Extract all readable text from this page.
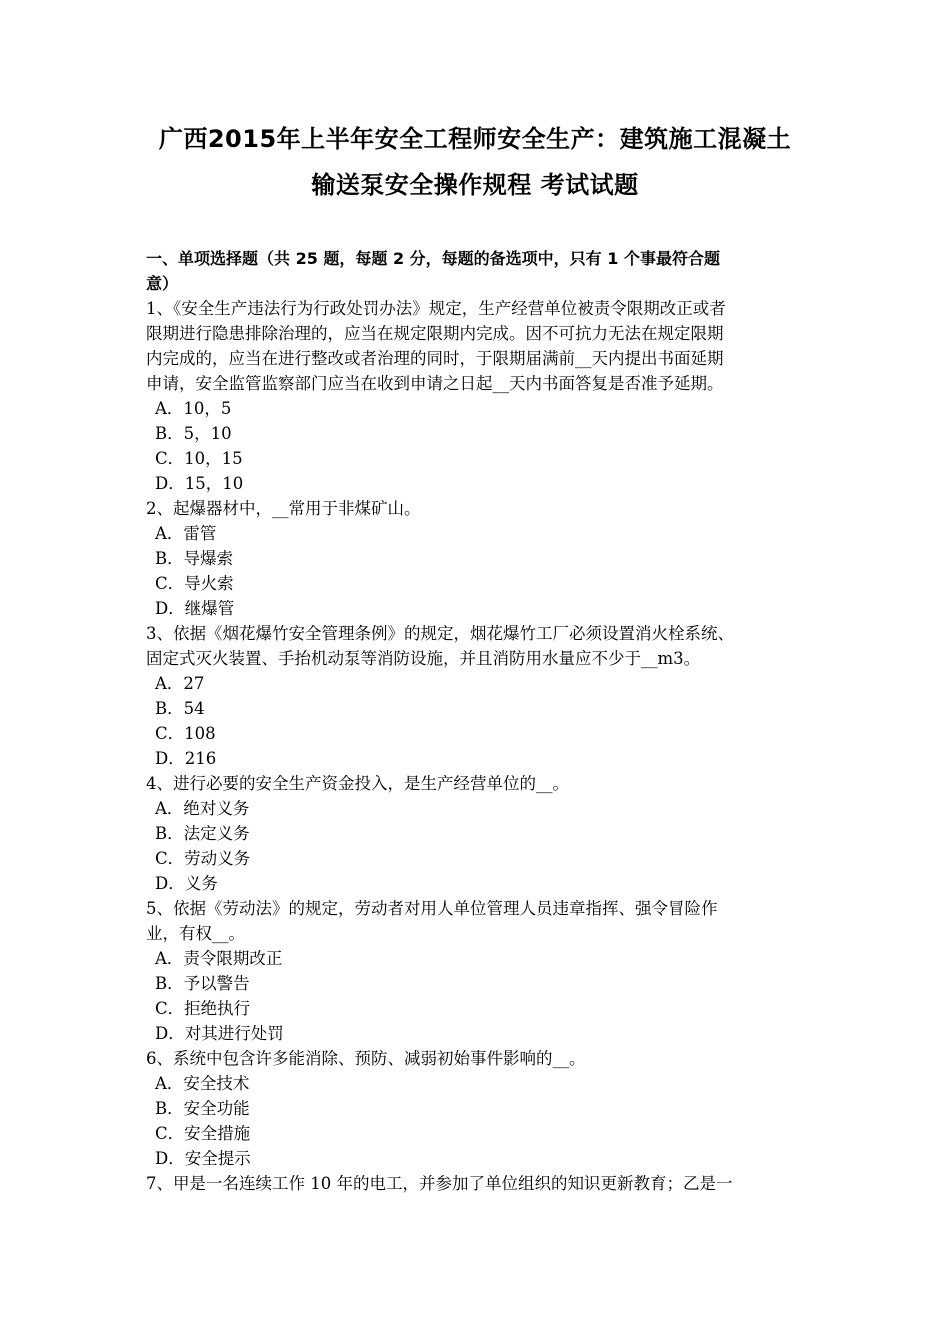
广西2015年上半年安全工程师安全生产：建筑施工混凝土
输送泵安全操作规程 考试试题
一、单项选择题（共 25 题，每题 2 分，每题的备选项中，只有 1 个事最符合题
意）
1、《安全生产违法行为行政处罚办法》规定，生产经营单位被责令限期改正或者
限期进行隐患排除治理的，应当在规定限期内完成。因不可抗力无法在规定限期
内完成的，应当在进行整改或者治理的同时，于限期届满前__天内提出书面延期
申请，安全监管监察部门应当在收到申请之日起__天内书面答复是否准予延期。
A．10，5
B．5，10
C．10，15
D．15，10
2、起爆器材中，__常用于非煤矿山。
A．雷管
B．导爆索
C．导火索
D．继爆管
3、依据《烟花爆竹安全管理条例》的规定，烟花爆竹工厂必须设置消火栓系统、
固定式灭火装置、手抬机动泵等消防设施，并且消防用水量应不少于__m3。
A．27
B．54
C．108
D．216
4、进行必要的安全生产资金投入，是生产经营单位的__。
A．绝对义务
B．法定义务
C．劳动义务
D．义务
5、依据《劳动法》的规定，劳动者对用人单位管理人员违章指挥、强令冒险作
业，有权__。
A．责令限期改正
B．予以警告
C．拒绝执行
D．对其进行处罚
6、系统中包含许多能消除、预防、减弱初始事件影响的__。
A．安全技术
B．安全功能
C．安全措施
D．安全提示
7、甲是一名连续工作 10 年的电工，并参加了单位组织的知识更新教育；乙是一
